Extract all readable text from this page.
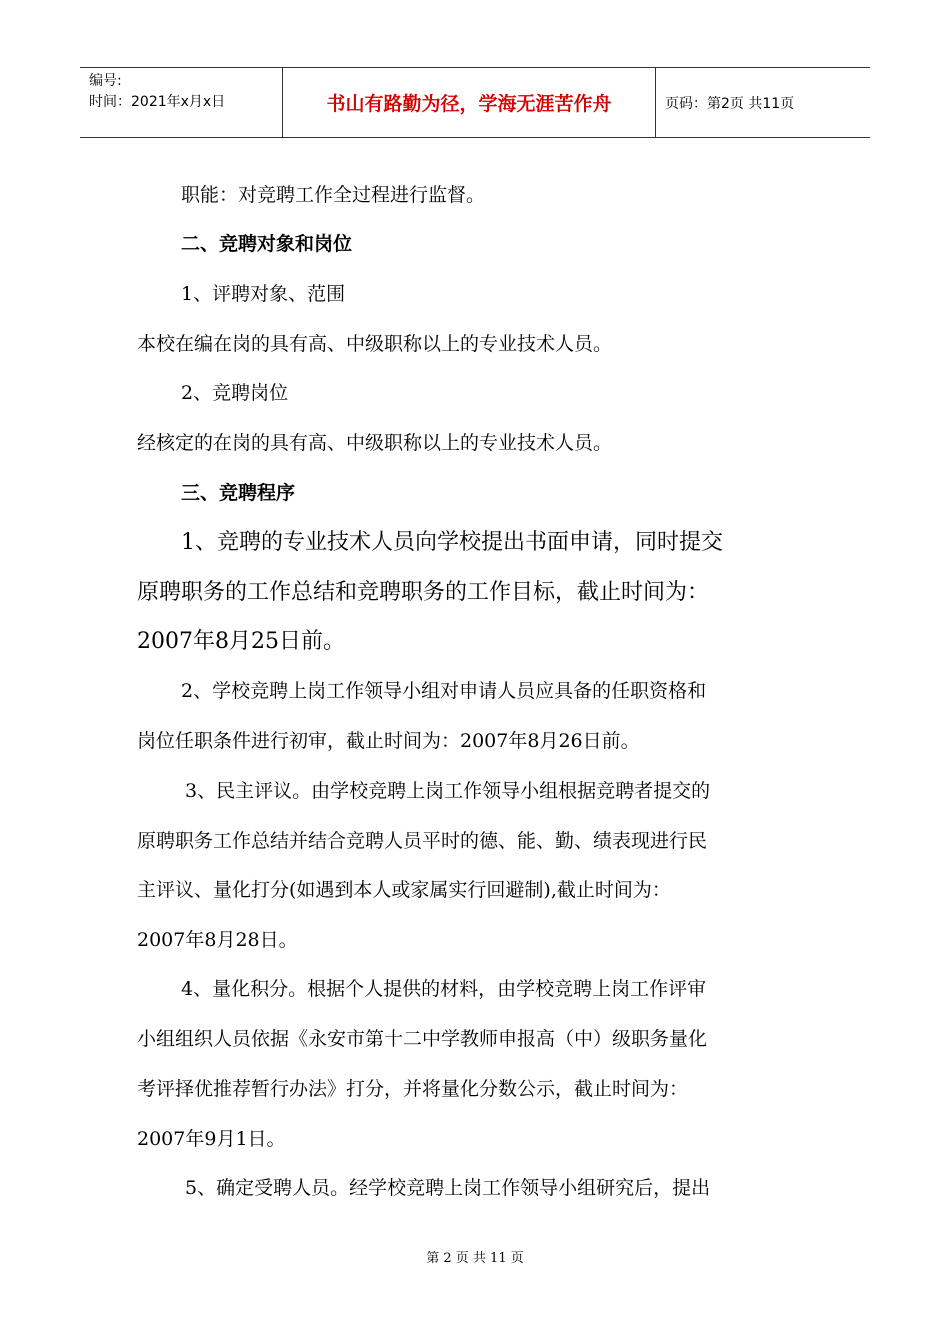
编号:
时间：2021年x月x日	书山有路勤为径，学海无涯苦作舟	页码：第2页 共11页
职能：对竞聘工作全过程进行监督。
二、竞聘对象和岗位
1、评聘对象、范围
本校在编在岗的具有高、中级职称以上的专业技术人员。
2、竞聘岗位
经核定的在岗的具有高、中级职称以上的专业技术人员。
三、竞聘程序
1、竞聘的专业技术人员向学校提出书面申请，同时提交
原聘职务的工作总结和竞聘职务的工作目标，截止时间为：
2007年8月25日前。
2、学校竞聘上岗工作领导小组对申请人员应具备的任职资格和
岗位任职条件进行初审，截止时间为：2007年8月26日前。
3、民主评议。由学校竞聘上岗工作领导小组根据竞聘者提交的
原聘职务工作总结并结合竞聘人员平时的德、能、勤、绩表现进行民
主评议、量化打分(如遇到本人或家属实行回避制),截止时间为：
2007年8月28日。
4、量化积分。根据个人提供的材料，由学校竞聘上岗工作评审
小组组织人员依据《永安市第十二中学教师申报高（中）级职务量化
考评择优推荐暂行办法》打分，并将量化分数公示，截止时间为：
2007年9月1日。
5、确定受聘人员。经学校竞聘上岗工作领导小组研究后，提出
第 2 页 共 11 页
